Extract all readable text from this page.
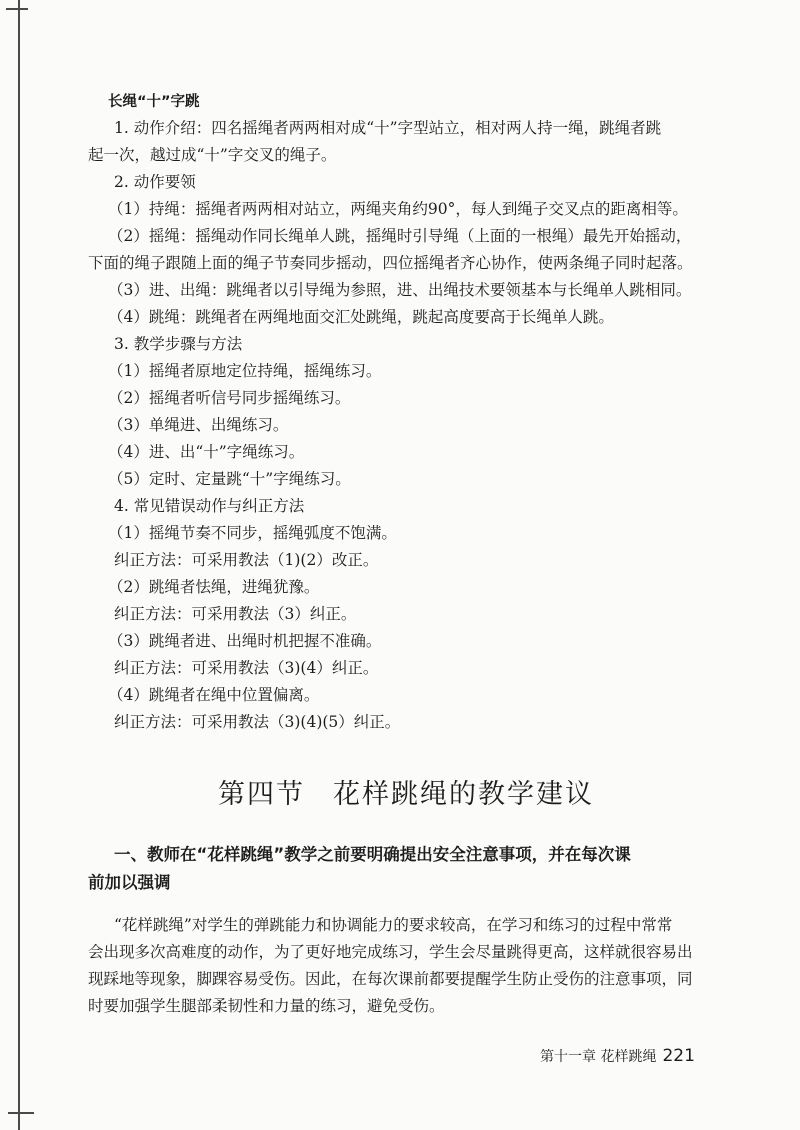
长绳“十”字跳
1. 动作介绍：四名摇绳者两两相对成“十”字型站立，相对两人持一绳，跳绳者跳
起一次，越过成“十”字交叉的绳子。
2. 动作要领
（1）持绳：摇绳者两两相对站立，两绳夹角约90°，每人到绳子交叉点的距离相等。
（2）摇绳：摇绳动作同长绳单人跳，摇绳时引导绳（上面的一根绳）最先开始摇动，
下面的绳子跟随上面的绳子节奏同步摇动，四位摇绳者齐心协作，使两条绳子同时起落。
（3）进、出绳：跳绳者以引导绳为参照，进、出绳技术要领基本与长绳单人跳相同。
（4）跳绳：跳绳者在两绳地面交汇处跳绳，跳起高度要高于长绳单人跳。
3. 教学步骤与方法
（1）摇绳者原地定位持绳，摇绳练习。
（2）摇绳者听信号同步摇绳练习。
（3）单绳进、出绳练习。
（4）进、出“十”字绳练习。
（5）定时、定量跳“十”字绳练习。
4. 常见错误动作与纠正方法
（1）摇绳节奏不同步，摇绳弧度不饱满。
纠正方法：可采用教法（1)(2）改正。
（2）跳绳者怯绳，进绳犹豫。
纠正方法：可采用教法（3）纠正。
（3）跳绳者进、出绳时机把握不准确。
纠正方法：可采用教法（3)(4）纠正。
（4）跳绳者在绳中位置偏离。
纠正方法：可采用教法（3)(4)(5）纠正。
第四节 花样跳绳的教学建议
一、教师在“花样跳绳”教学之前要明确提出安全注意事项，并在每次课
前加以强调
“花样跳绳”对学生的弹跳能力和协调能力的要求较高，在学习和练习的过程中常常
会出现多次高难度的动作，为了更好地完成练习，学生会尽量跳得更高，这样就很容易出
现踩地等现象，脚踝容易受伤。因此，在每次课前都要提醒学生防止受伤的注意事项，同
时要加强学生腿部柔韧性和力量的练习，避免受伤。
第十一章 花样跳绳 221
